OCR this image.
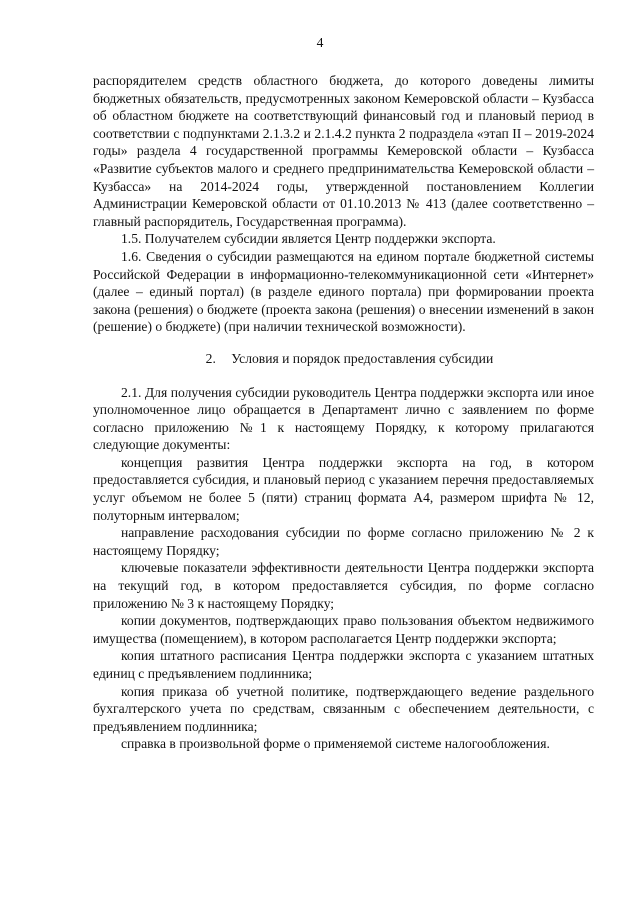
4

распорядителем средств областного бюджета, до которого доведены лимиты бюджетных обязательств, предусмотренных законом Кемеровской области – Кузбасса об областном бюджете на соответствующий финансовый год и плановый период в соответствии с подпунктами 2.1.3.2 и 2.1.4.2 пункта 2 подраздела «этап II – 2019-2024 годы» раздела 4 государственной программы Кемеровской области – Кузбасса «Развитие субъектов малого и среднего предпринимательства Кемеровской области – Кузбасса» на 2014-2024 годы, утвержденной постановлением Коллегии Администрации Кемеровской области от 01.10.2013 № 413 (далее соответственно – главный распорядитель, Государственная программа).

1.5. Получателем субсидии является Центр поддержки экспорта.

1.6. Сведения о субсидии размещаются на едином портале бюджетной системы Российской Федерации в информационно-телекоммуникационной сети «Интернет» (далее – единый портал) (в разделе единого портала) при формировании проекта закона (решения) о бюджете (проекта закона (решения) о внесении изменений в закон (решение) о бюджете) (при наличии технической возможности).

2. Условия и порядок предоставления субсидии

2.1. Для получения субсидии руководитель Центра поддержки экспорта или иное уполномоченное лицо обращается в Департамент лично с заявлением по форме согласно приложению №1 к настоящему Порядку, к которому прилагаются следующие документы:

концепция развития Центра поддержки экспорта на год, в котором предоставляется субсидия, и плановый период с указанием перечня предоставляемых услуг объемом не более 5 (пяти) страниц формата А4, размером шрифта № 12, полуторным интервалом;

направление расходования субсидии по форме согласно приложению № 2 к настоящему Порядку;

ключевые показатели эффективности деятельности Центра поддержки экспорта на текущий год, в котором предоставляется субсидия, по форме согласно приложению № 3 к настоящему Порядку;

копии документов, подтверждающих право пользования объектом недвижимого имущества (помещением), в котором располагается Центр поддержки экспорта;

копия штатного расписания Центра поддержки экспорта с указанием штатных единиц с предъявлением подлинника;

копия приказа об учетной политике, подтверждающего ведение раздельного бухгалтерского учета по средствам, связанным с обеспечением деятельности, с предъявлением подлинника;

справка в произвольной форме о применяемой системе налогообложения.
